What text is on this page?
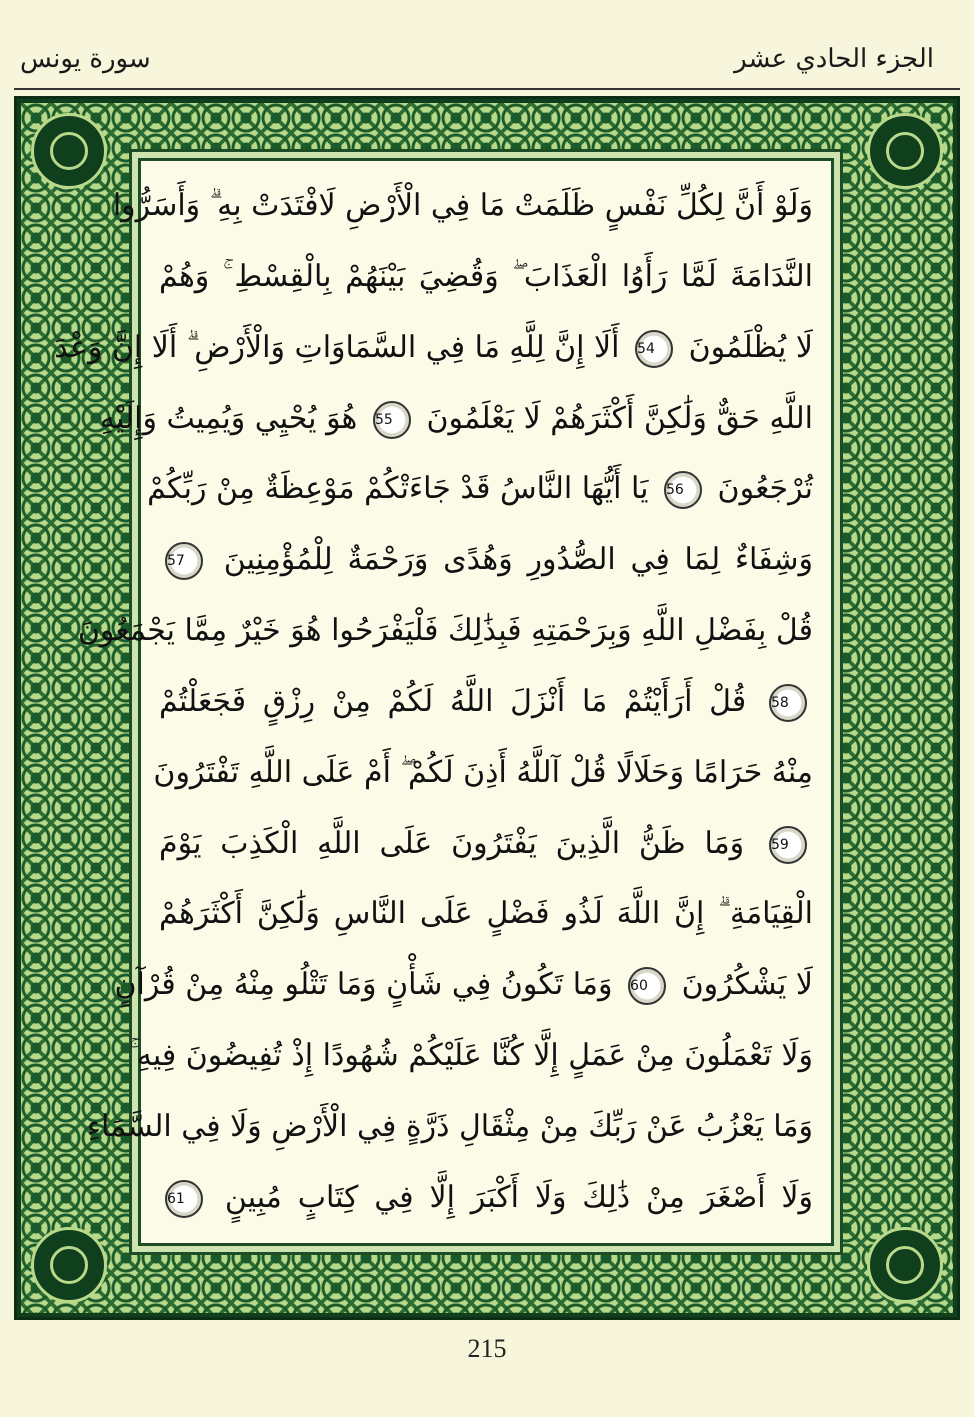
سورة يونس	الجزء الحادي عشر
وَلَوْ أَنَّ لِكُلِّ نَفْسٍ ظَلَمَتْ مَا فِي الْأَرْضِ لَافْتَدَتْ بِهِ ۗ وَأَسَرُّوا
النَّدَامَةَ لَمَّا رَأَوُا الْعَذَابَ ۖ وَقُضِيَ بَيْنَهُمْ بِالْقِسْطِ ۚ وَهُمْ
لَا يُظْلَمُونَ 54 أَلَا إِنَّ لِلَّهِ مَا فِي السَّمَاوَاتِ وَالْأَرْضِ ۗ أَلَا إِنَّ وَعْدَ
اللَّهِ حَقٌّ وَلَٰكِنَّ أَكْثَرَهُمْ لَا يَعْلَمُونَ 55 هُوَ يُحْيِي وَيُمِيتُ وَإِلَيْهِ
تُرْجَعُونَ 56 يَا أَيُّهَا النَّاسُ قَدْ جَاءَتْكُمْ مَوْعِظَةٌ مِنْ رَبِّكُمْ
وَشِفَاءٌ لِمَا فِي الصُّدُورِ وَهُدًى وَرَحْمَةٌ لِلْمُؤْمِنِينَ 57
قُلْ بِفَضْلِ اللَّهِ وَبِرَحْمَتِهِ فَبِذَٰلِكَ فَلْيَفْرَحُوا هُوَ خَيْرٌ مِمَّا يَجْمَعُونَ
58 قُلْ أَرَأَيْتُمْ مَا أَنْزَلَ اللَّهُ لَكُمْ مِنْ رِزْقٍ فَجَعَلْتُمْ
مِنْهُ حَرَامًا وَحَلَالًا قُلْ آللَّهُ أَذِنَ لَكُمْ ۖ أَمْ عَلَى اللَّهِ تَفْتَرُونَ
59 وَمَا ظَنُّ الَّذِينَ يَفْتَرُونَ عَلَى اللَّهِ الْكَذِبَ يَوْمَ
الْقِيَامَةِ ۗ إِنَّ اللَّهَ لَذُو فَضْلٍ عَلَى النَّاسِ وَلَٰكِنَّ أَكْثَرَهُمْ
لَا يَشْكُرُونَ 60 وَمَا تَكُونُ فِي شَأْنٍ وَمَا تَتْلُو مِنْهُ مِنْ قُرْآنٍ
وَلَا تَعْمَلُونَ مِنْ عَمَلٍ إِلَّا كُنَّا عَلَيْكُمْ شُهُودًا إِذْ تُفِيضُونَ فِيهِ ۚ
وَمَا يَعْزُبُ عَنْ رَبِّكَ مِنْ مِثْقَالِ ذَرَّةٍ فِي الْأَرْضِ وَلَا فِي السَّمَاءِ
وَلَا أَصْغَرَ مِنْ ذَٰلِكَ وَلَا أَكْبَرَ إِلَّا فِي كِتَابٍ مُبِينٍ 61
215
